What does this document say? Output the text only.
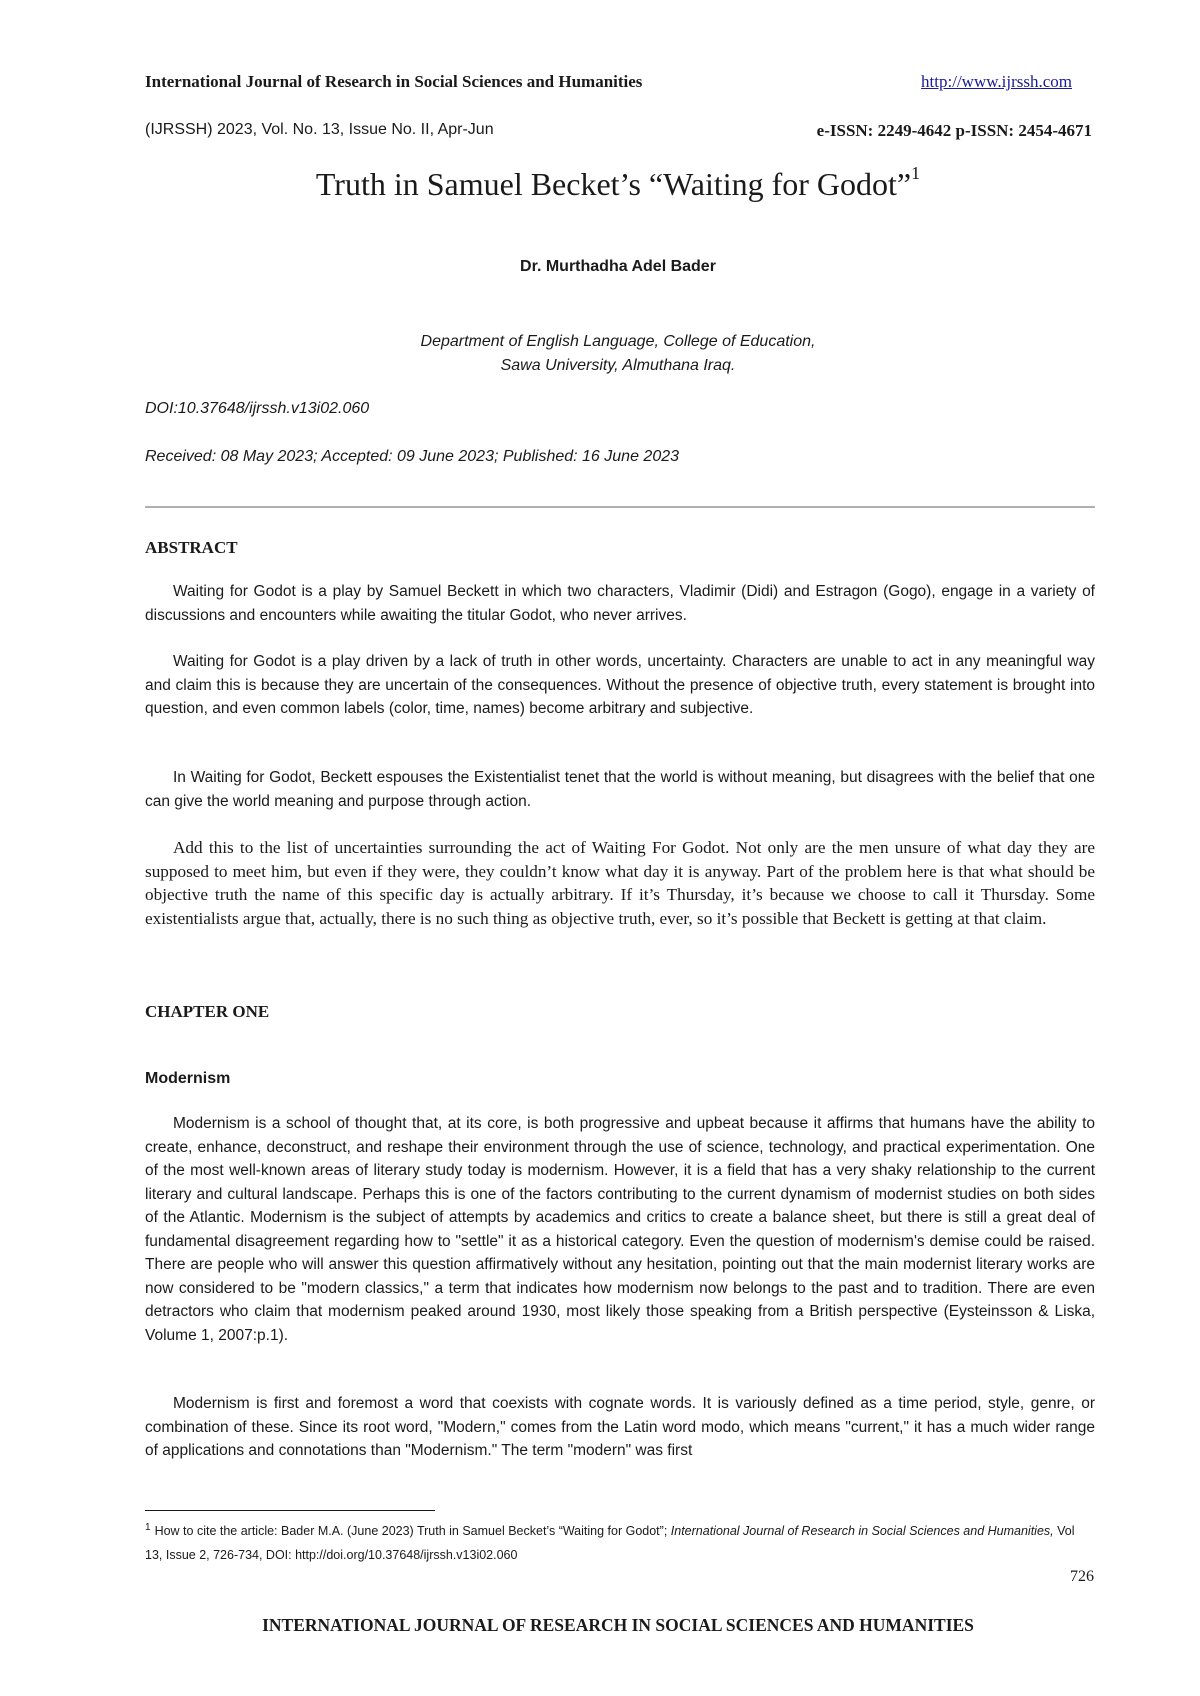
International Journal of Research in Social Sciences and Humanities	http://www.ijrssh.com
(IJRSSH) 2023, Vol. No. 13, Issue No. II, Apr-Jun	e-ISSN: 2249-4642 p-ISSN: 2454-4671
Truth in Samuel Becket’s “Waiting for Godot”$^1$
Dr. Murthadha Adel Bader
Department of English Language, College of Education,
Sawa University, Almuthana Iraq.
DOI:10.37648/ijrssh.v13i02.060
Received: 08 May 2023; Accepted: 09 June 2023; Published: 16 June 2023
ABSTRACT

Waiting for Godot is a play by Samuel Beckett in which two characters, Vladimir (Didi) and Estragon (Gogo), engage in a variety of discussions and encounters while awaiting the titular Godot, who never arrives.

Waiting for Godot is a play driven by a lack of truth in other words, uncertainty. Characters are unable to act in any meaningful way and claim this is because they are uncertain of the consequences. Without the presence of objective truth, every statement is brought into question, and even common labels (color, time, names) become arbitrary and subjective.

In Waiting for Godot, Beckett espouses the Existentialist tenet that the world is without meaning, but disagrees with the belief that one can give the world meaning and purpose through action.

Add this to the list of uncertainties surrounding the act of Waiting For Godot. Not only are the men unsure of what day they are supposed to meet him, but even if they were, they couldn’t know what day it is anyway. Part of the problem here is that what should be objective truth the name of this specific day is actually arbitrary. If it’s Thursday, it’s because we choose to call it Thursday. Some existentialists argue that, actually, there is no such thing as objective truth, ever, so it’s possible that Beckett is getting at that claim.

CHAPTER ONE
Modernism

Modernism is a school of thought that, at its core, is both progressive and upbeat because it affirms that humans have the ability to create, enhance, deconstruct, and reshape their environment through the use of science, technology, and practical experimentation. One of the most well-known areas of literary study today is modernism. However, it is a field that has a very shaky relationship to the current literary and cultural landscape. Perhaps this is one of the factors contributing to the current dynamism of modernist studies on both sides of the Atlantic. Modernism is the subject of attempts by academics and critics to create a balance sheet, but there is still a great deal of fundamental disagreement regarding how to "settle" it as a historical category. Even the question of modernism's demise could be raised. There are people who will answer this question affirmatively without any hesitation, pointing out that the main modernist literary works are now considered to be "modern classics," a term that indicates how modernism now belongs to the past and to tradition. There are even detractors who claim that modernism peaked around 1930, most likely those speaking from a British perspective (Eysteinsson & Liska, Volume 1, 2007:p.1).

Modernism is first and foremost a word that coexists with cognate words. It is variously defined as a time period, style, genre, or combination of these. Since its root word, "Modern," comes from the Latin word modo, which means "current," it has a much wider range of applications and connotations than "Modernism." The term "modern" was first

$^1$ How to cite the article: Bader M.A. (June 2023) Truth in Samuel Becket’s “Waiting for Godot”; International Journal of Research in Social Sciences and Humanities, Vol 13, Issue 2, 726-734, DOI: http://doi.org/10.37648/ijrssh.v13i02.060
726
INTERNATIONAL JOURNAL OF RESEARCH IN SOCIAL SCIENCES AND HUMANITIES
